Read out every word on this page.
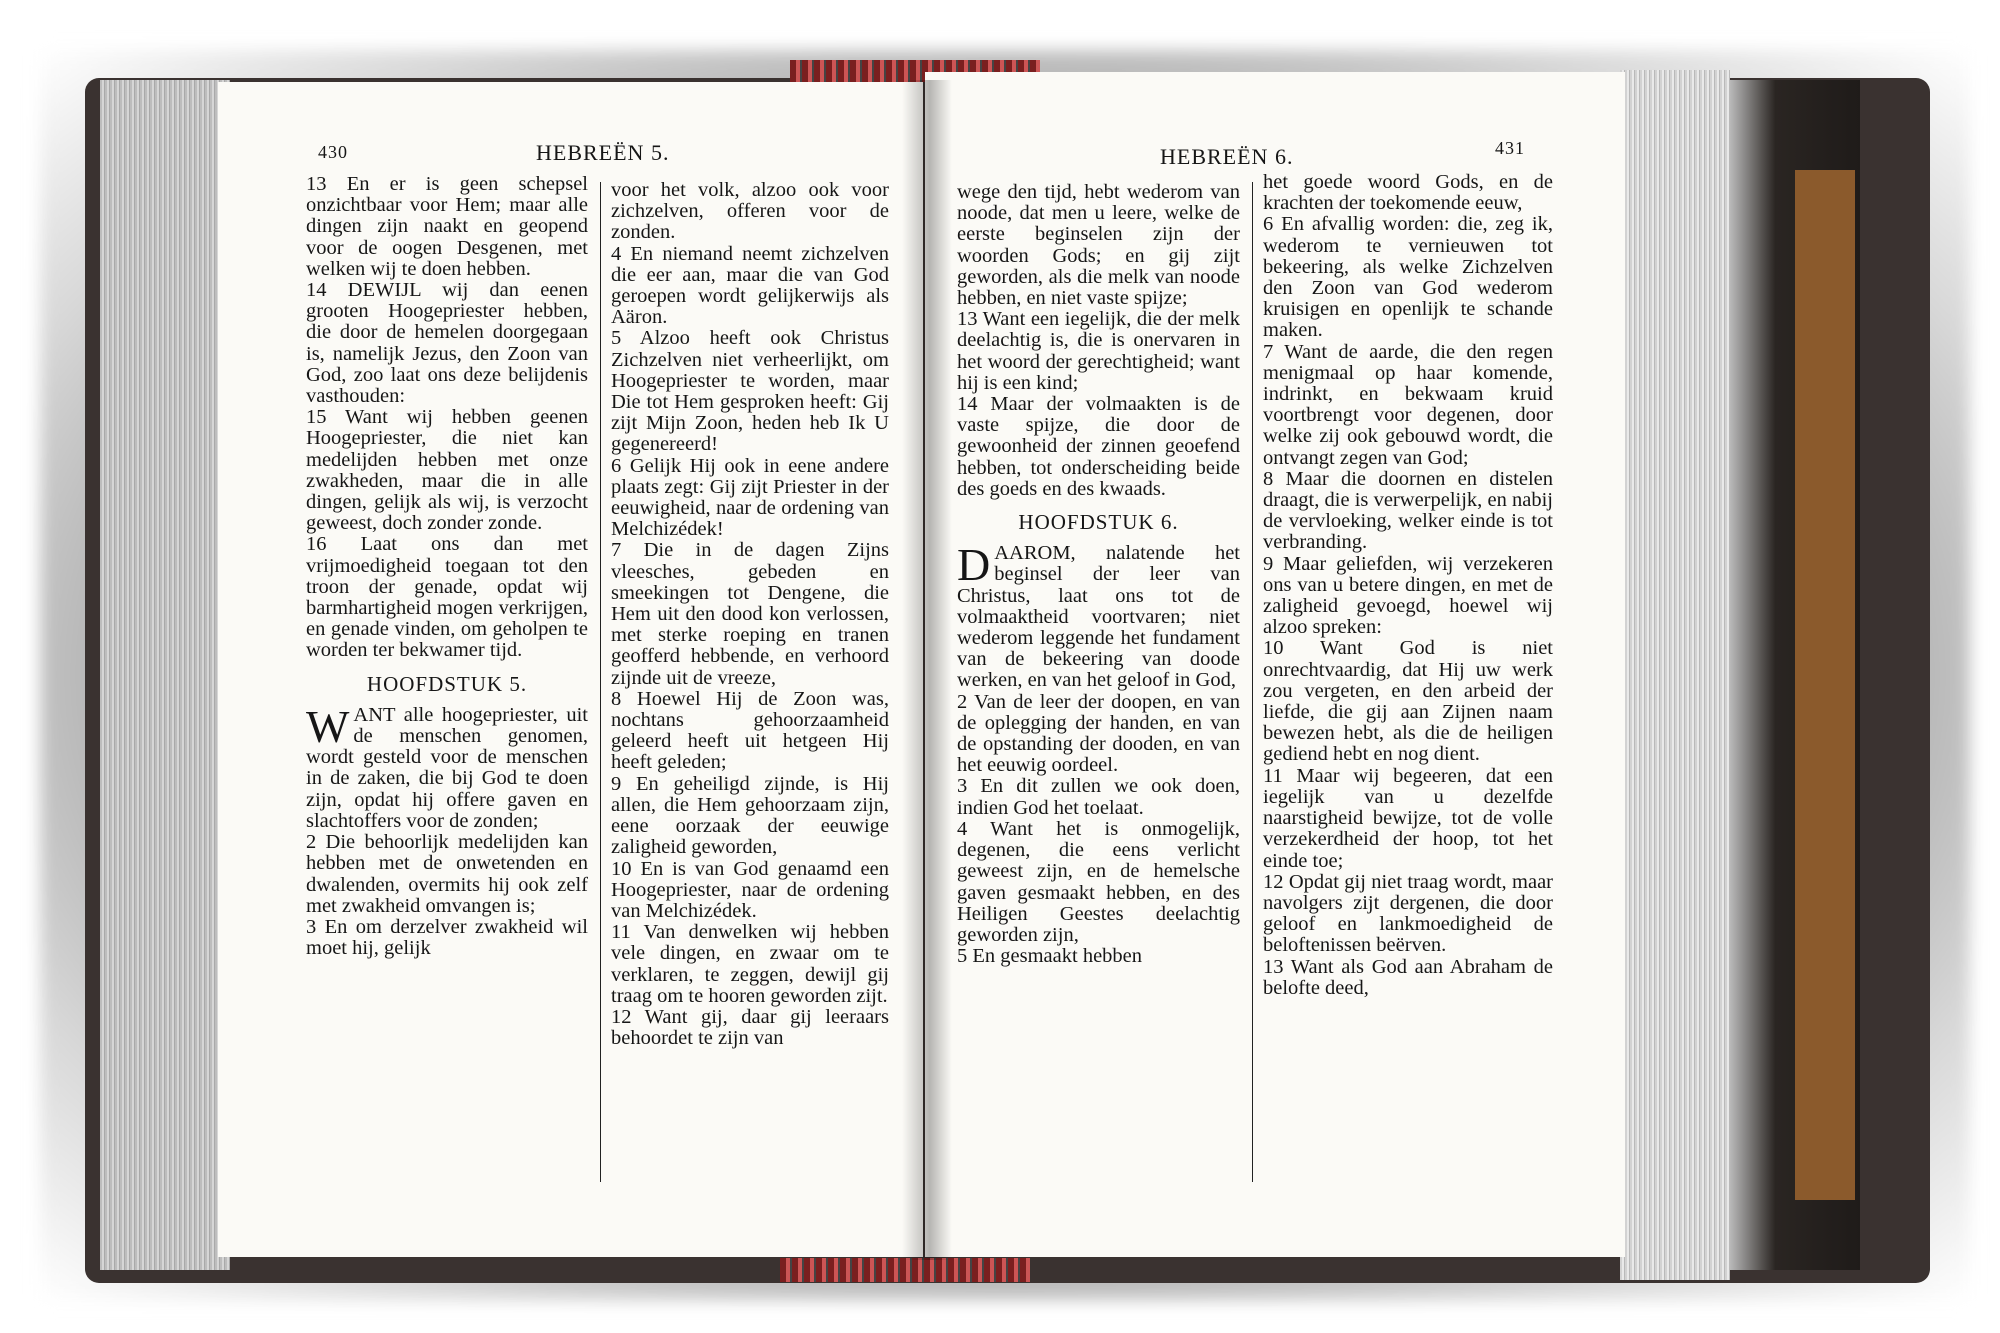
430	HEBREËN 5.

13 En er is geen schepsel onzichtbaar voor Hem; maar alle dingen zijn naakt en geopend voor de oogen Desgenen, met welken wij te doen hebben.

14 DEWIJL wij dan eenen grooten Hoogepriester hebben, die door de hemelen doorgegaan is, namelijk Jezus, den Zoon van God, zoo laat ons deze belijdenis vasthouden:

15 Want wij hebben geenen Hoogepriester, die niet kan medelijden hebben met onze zwakheden, maar die in alle dingen, gelijk als wij, is verzocht geweest, doch zonder zonde.

16 Laat ons dan met vrijmoedigheid toegaan tot den troon der genade, opdat wij barmhartigheid mogen verkrijgen, en genade vinden, om geholpen te worden ter bekwamer tijd.

HOOFDSTUK 5.

WANT alle hoogepriester, uit de menschen genomen, wordt gesteld voor de menschen in de zaken, die bij God te doen zijn, opdat hij offere gaven en slachtoffers voor de zonden;

2 Die behoorlijk medelijden kan hebben met de onwetenden en dwalenden, overmits hij ook zelf met zwakheid omvangen is;

3 En om derzelver zwakheid wil moet hij, gelijk

voor het volk, alzoo ook voor zichzelven, offeren voor de zonden.

4 En niemand neemt zichzelven die eer aan, maar die van God geroepen wordt gelijkerwijs als Aäron.

5 Alzoo heeft ook Christus Zichzelven niet verheerlijkt, om Hoogepriester te worden, maar Die tot Hem gesproken heeft: Gij zijt Mijn Zoon, heden heb Ik U gegenereerd!

6 Gelijk Hij ook in eene andere plaats zegt: Gij zijt Priester in der eeuwigheid, naar de ordening van Melchizédek!

7 Die in de dagen Zijns vleesches, gebeden en smeekingen tot Dengene, die Hem uit den dood kon verlossen, met sterke roeping en tranen geofferd hebbende, en verhoord zijnde uit de vreeze,

8 Hoewel Hij de Zoon was, nochtans gehoorzaamheid geleerd heeft uit hetgeen Hij heeft geleden;

9 En geheiligd zijnde, is Hij allen, die Hem gehoorzaam zijn, eene oorzaak der eeuwige zaligheid geworden,

10 En is van God genaamd een Hoogepriester, naar de ordening van Melchizédek.

11 Van denwelken wij hebben vele dingen, en zwaar om te verklaren, te zeggen, dewijl gij traag om te hooren geworden zijt.

12 Want gij, daar gij leeraars behoordet te zijn van

HEBREËN 6.	431

wege den tijd, hebt wederom van noode, dat men u leere, welke de eerste beginselen zijn der woorden Gods; en gij zijt geworden, als die melk van noode hebben, en niet vaste spijze;

13 Want een iegelijk, die der melk deelachtig is, die is onervaren in het woord der gerechtigheid; want hij is een kind;

14 Maar der volmaakten is de vaste spijze, die door de gewoonheid der zinnen geoefend hebben, tot onderscheiding beide des goeds en des kwaads.

HOOFDSTUK 6.

DAAROM, nalatende het beginsel der leer van Christus, laat ons tot de volmaaktheid voortvaren; niet wederom leggende het fundament van de bekeering van doode werken, en van het geloof in God,

2 Van de leer der doopen, en van de oplegging der handen, en van de opstanding der dooden, en van het eeuwig oordeel.

3 En dit zullen we ook doen, indien God het toelaat.

4 Want het is onmogelijk, degenen, die eens verlicht geweest zijn, en de hemelsche gaven gesmaakt hebben, en des Heiligen Geestes deelachtig geworden zijn,

5 En gesmaakt hebben

het goede woord Gods, en de krachten der toekomende eeuw,

6 En afvallig worden: die, zeg ik, wederom te vernieuwen tot bekeering, als welke Zichzelven den Zoon van God wederom kruisigen en openlijk te schande maken.

7 Want de aarde, die den regen menigmaal op haar komende, indrinkt, en bekwaam kruid voortbrengt voor degenen, door welke zij ook gebouwd wordt, die ontvangt zegen van God;

8 Maar die doornen en distelen draagt, die is verwerpelijk, en nabij de vervloeking, welker einde is tot verbranding.

9 Maar geliefden, wij verzekeren ons van u betere dingen, en met de zaligheid gevoegd, hoewel wij alzoo spreken:

10 Want God is niet onrechtvaardig, dat Hij uw werk zou vergeten, en den arbeid der liefde, die gij aan Zijnen naam bewezen hebt, als die de heiligen gediend hebt en nog dient.

11 Maar wij begeeren, dat een iegelijk van u dezelfde naarstigheid bewijze, tot de volle verzekerdheid der hoop, tot het einde toe;

12 Opdat gij niet traag wordt, maar navolgers zijt dergenen, die door geloof en lankmoedigheid de beloftenissen beërven.

13 Want als God aan Abraham de belofte deed,
